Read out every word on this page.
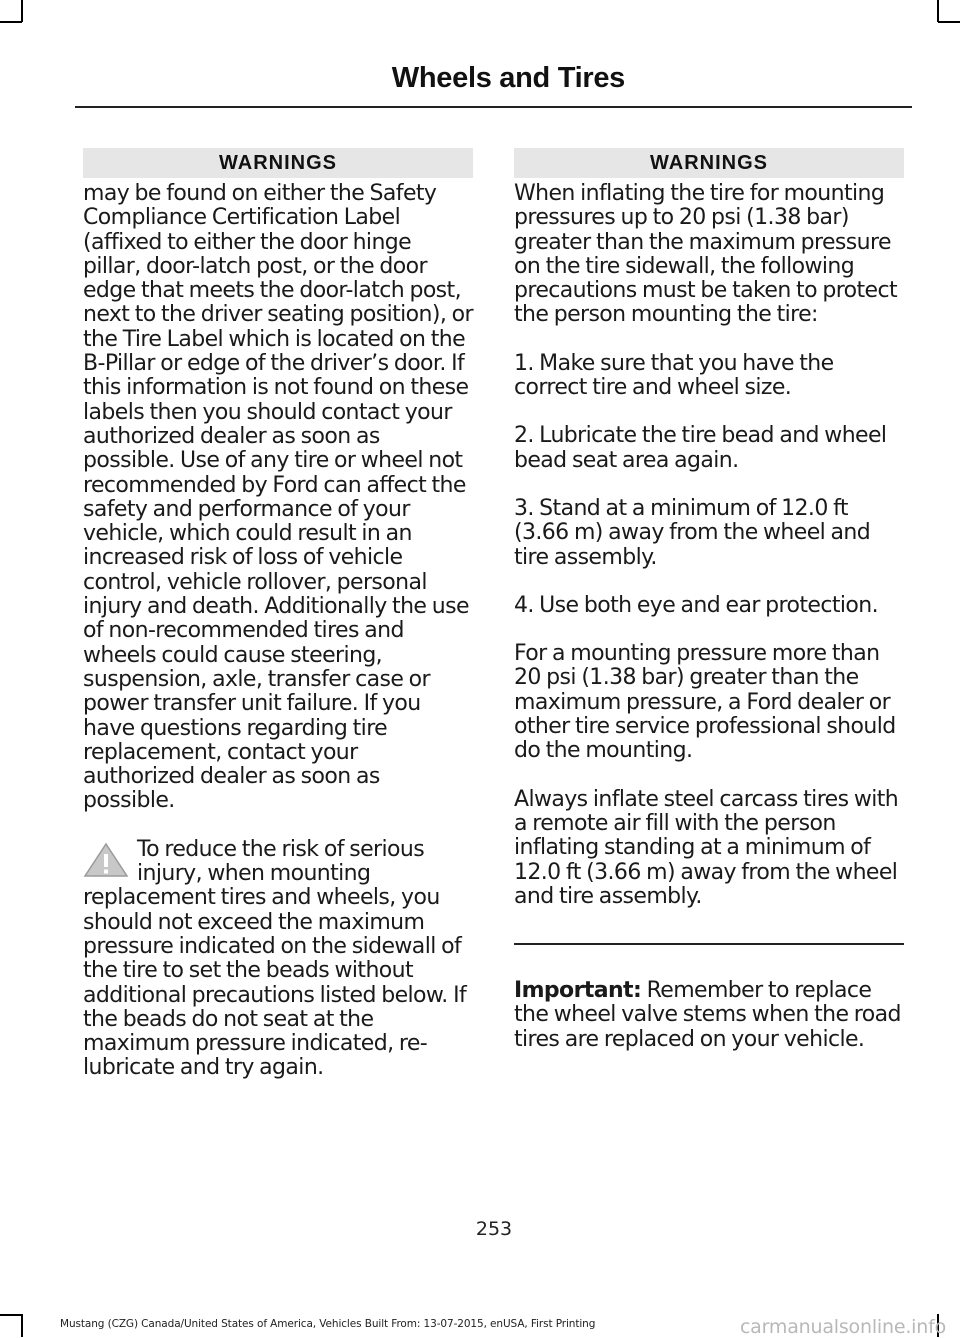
Wheels and Tires
WARNINGS

may be found on either the Safety Compliance Certification Label (affixed to either the door hinge pillar, door-latch post, or the door edge that meets the door-latch post, next to the driver seating position), or the Tire Label which is located on the B-Pillar or edge of the driver’s door. If this information is not found on these labels then you should contact your authorized dealer as soon as possible. Use of any tire or wheel not recommended by Ford can affect the safety and performance of your vehicle, which could result in an increased risk of loss of vehicle control, vehicle rollover, personal injury and death. Additionally the use of non-recommended tires and wheels could cause steering, suspension, axle, transfer case or power transfer unit failure. If you have questions regarding tire replacement, contact your authorized dealer as soon as possible.

To reduce the risk of serious injury, when mounting replacement tires and wheels, you should not exceed the maximum pressure indicated on the sidewall of the tire to set the beads without additional precautions listed below. If the beads do not seat at the maximum pressure indicated, re-lubricate and try again.

WARNINGS

When inflating the tire for mounting pressures up to 20 psi (1.38 bar) greater than the maximum pressure on the tire sidewall, the following precautions must be taken to protect the person mounting the tire:

1. Make sure that you have the correct tire and wheel size.

2. Lubricate the tire bead and wheel bead seat area again.

3. Stand at a minimum of 12.0 ft (3.66 m) away from the wheel and tire assembly.

4. Use both eye and ear protection.

For a mounting pressure more than 20 psi (1.38 bar) greater than the maximum pressure, a Ford dealer or other tire service professional should do the mounting.

Always inflate steel carcass tires with a remote air fill with the person inflating standing at a minimum of 12.0 ft (3.66 m) away from the wheel and tire assembly.

Important: Remember to replace the wheel valve stems when the road tires are replaced on your vehicle.

253
Mustang (CZG) Canada/United States of America, Vehicles Built From: 13-07-2015, enUSA, First Printing	carmanualsonline.info
